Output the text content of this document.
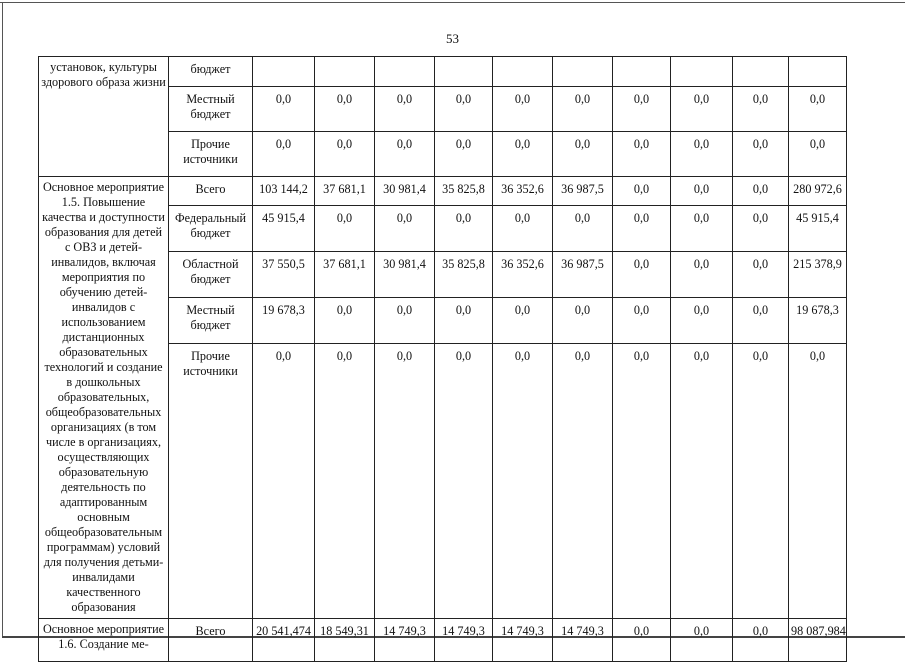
53
установок, культуры здорового образа жизни	бюджет										
	Местный бюджет	0,0	0,0	0,0	0,0	0,0	0,0	0,0	0,0	0,0	0,0
	Прочие источники	0,0	0,0	0,0	0,0	0,0	0,0	0,0	0,0	0,0	0,0
Основное мероприятие 1.5. Повышение качества и доступности образования для детей с ОВЗ и детей-инвалидов, включая мероприятия по обучению детей-инвалидов с использованием дистанционных образовательных технологий и создание в дошкольных образовательных, общеобразовательных организациях (в том числе в организациях, осуществляющих образовательную деятельность по адаптированным основным общеобразовательным программам) условий для получения детьми-инвалидами качественного образования	Всего	103 144,2	37 681,1	30 981,4	35 825,8	36 352,6	36 987,5	0,0	0,0	0,0	280 972,6
	Федеральный бюджет	45 915,4	0,0	0,0	0,0	0,0	0,0	0,0	0,0	0,0	45 915,4
	Областной бюджет	37 550,5	37 681,1	30 981,4	35 825,8	36 352,6	36 987,5	0,0	0,0	0,0	215 378,9
	Местный бюджет	19 678,3	0,0	0,0	0,0	0,0	0,0	0,0	0,0	0,0	19 678,3
	Прочие источники	0,0	0,0	0,0	0,0	0,0	0,0	0,0	0,0	0,0	0,0
Основное мероприятие 1.6. Создание ме-	Всего	20 541,474	18 549,31	14 749,3	14 749,3	14 749,3	14 749,3	0,0	0,0	0,0	98 087,984
